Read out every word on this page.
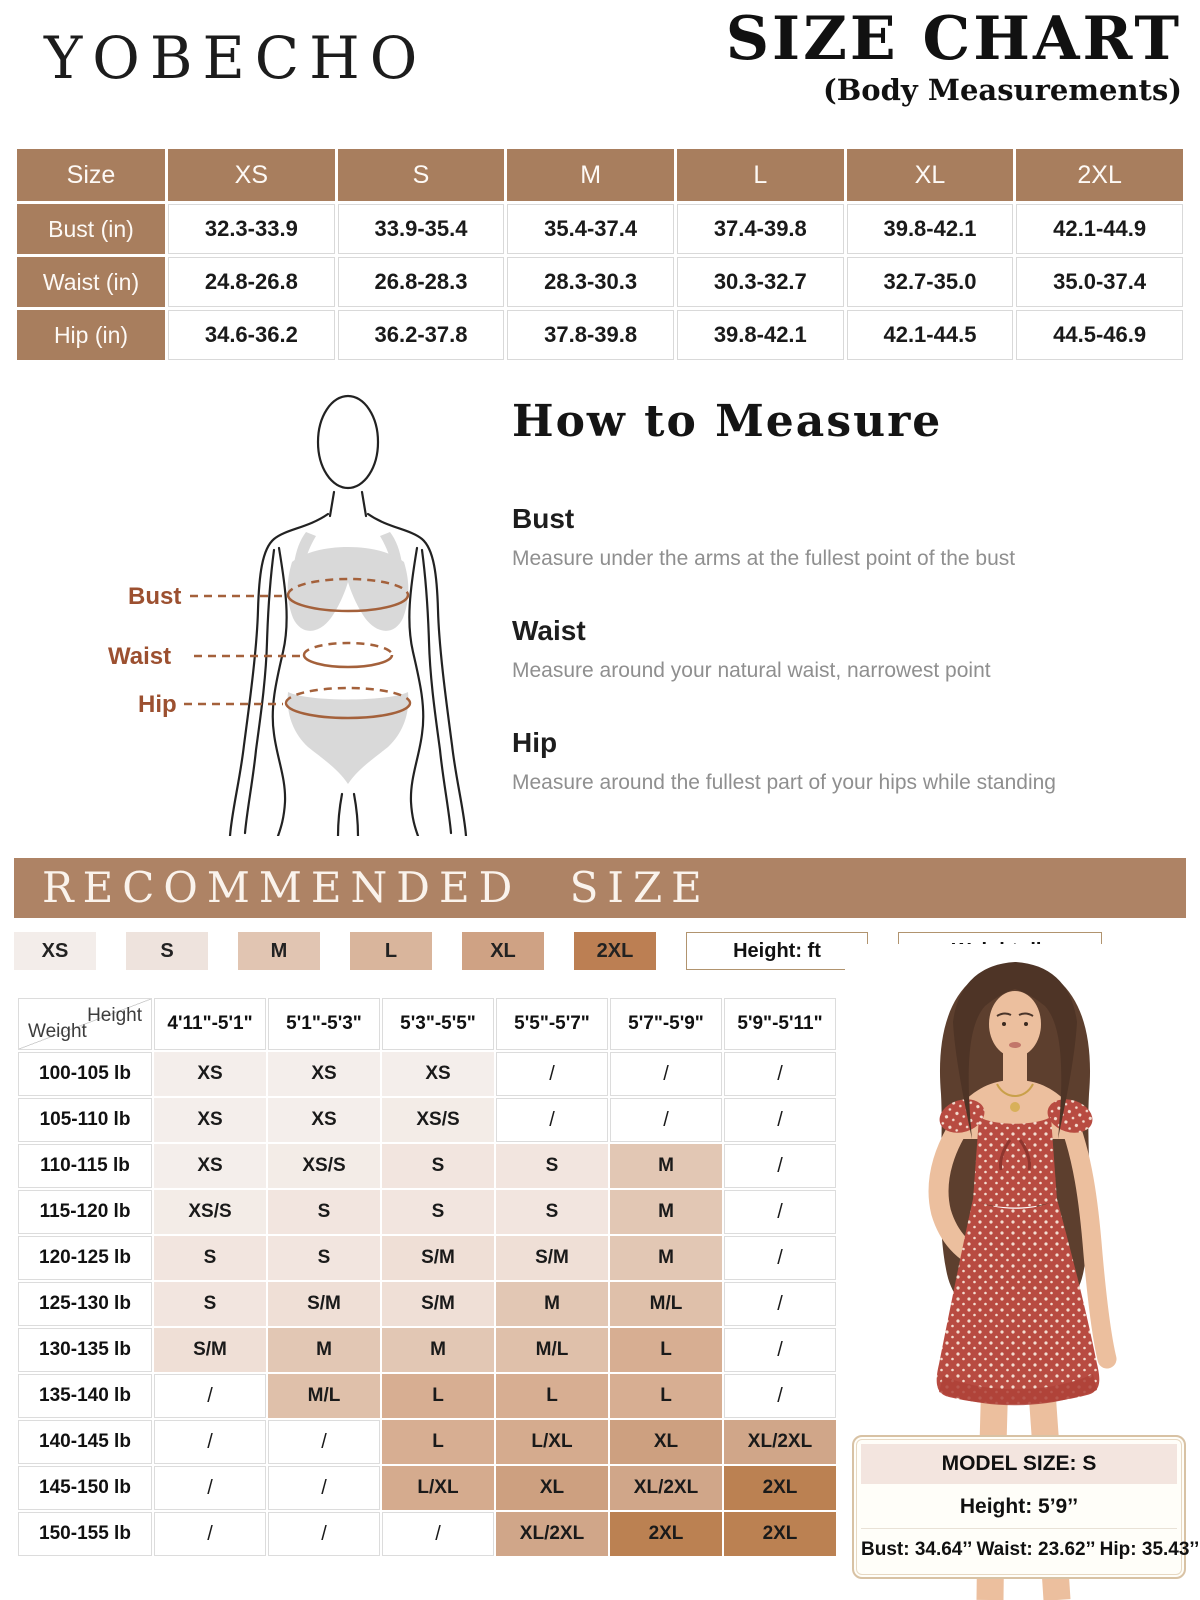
YOBECHO	SIZE CHART
(Body Measurements)
Size	XS	S	M	L	XL	2XL
Bust (in)	32.3-33.9	33.9-35.4	35.4-37.4	37.4-39.8	39.8-42.1	42.1-44.9
Waist (in)	24.8-26.8	26.8-28.3	28.3-30.3	30.3-32.7	32.7-35.0	35.0-37.4
Hip (in)	34.6-36.2	36.2-37.8	37.8-39.8	39.8-42.1	42.1-44.5	44.5-46.9
Bust
Waist
Hip
How to Measure
Bust

Measure under the arms at the fullest point of the bust

Waist

Measure around your natural waist, narrowest point

Hip

Measure around the fullest part of your hips while standing

RECOMMENDED SIZE
XS	S	M	L	XL	2XL	Height: ft
Height
Weight	4'11"-5'1"	5'1"-5'3"	5'3"-5'5"	5'5"-5'7"	5'7"-5'9"	5'9"-5'11"
100-105 lb	XS	XS	XS	/	/	/
105-110 lb	XS	XS	XS/S	/	/	/
110-115 lb	XS	XS/S	S	S	M	/
115-120 lb	XS/S	S	S	S	M	/
120-125 lb	S	S	S/M	S/M	M	/
125-130 lb	S	S/M	S/M	M	M/L	/
130-135 lb	S/M	M	M	M/L	L	/
135-140 lb	/	M/L	L	L	L	/
140-145 lb	/	/	L	L/XL	XL	XL/2XL
145-150 lb	/	/	L/XL	XL	XL/2XL	2XL
150-155 lb	/	/	/	XL/2XL	2XL	2XL
MODEL SIZE: S
Height: 5’9’’
Bust: 34.64’’ Waist: 23.62’’ Hip: 35.43’’
